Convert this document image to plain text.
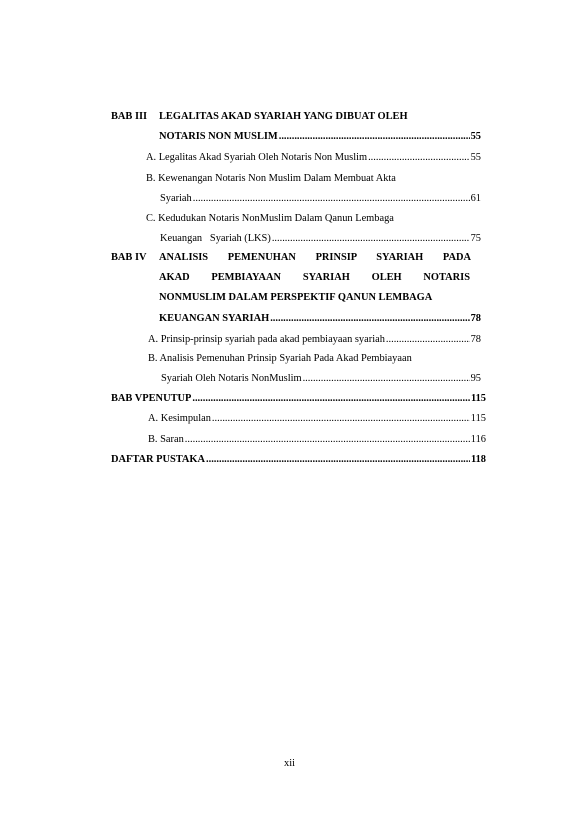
BAB III	LEGALITAS AKAD SYARIAH YANG DIBUAT OLEH
NOTARIS NON MUSLIM .....	55
A. Legalitas Akad Syariah Oleh Notaris Non Muslim .....	55
B. Kewenangan Notaris Non Muslim Dalam Membuat Akta
Syariah .....	61
C. Kedudukan Notaris NonMuslim Dalam Qanun Lembaga
Keuangan   Syariah (LKS) .....	75
BAB IV	ANALISIS PEMENUHAN PRINSIP SYARIAH PADA
AKAD PEMBIAYAAN SYARIAH OLEH NOTARIS
NONMUSLIM DALAM PERSPEKTIF QANUN LEMBAGA
KEUANGAN SYARIAH .....	78
A. Prinsip-prinsip syariah pada akad pembiayaan syariah .....	78
B. Analisis Pemenuhan Prinsip Syariah Pada Akad Pembiayaan
Syariah Oleh Notaris NonMuslim .....	95
BAB V PENUTUP .....	115
A. Kesimpulan .....	115
B. Saran .....	116
DAFTAR PUSTAKA .....	118
xii
